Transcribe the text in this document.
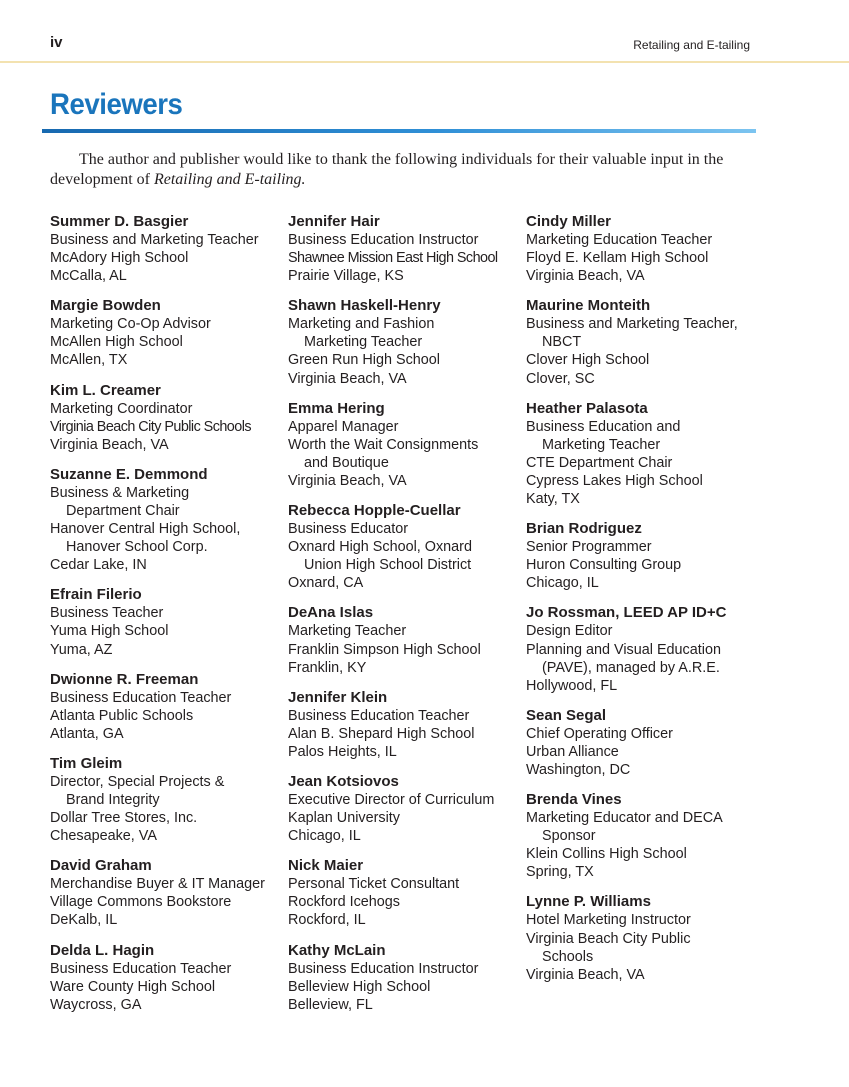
iv	Retailing and E-tailing
Reviewers

The author and publisher would like to thank the following individuals for their valuable input in the development of Retailing and E-tailing.

Summer D. Basgier
Business and Marketing Teacher
McAdory High School
McCalla, AL
Margie Bowden
Marketing Co-Op Advisor
McAllen High School
McAllen, TX
Kim L. Creamer
Marketing Coordinator
Virginia Beach City Public Schools
Virginia Beach, VA
Suzanne E. Demmond
Business & Marketing
Department Chair
Hanover Central High School,
Hanover School Corp.
Cedar Lake, IN
Efrain Filerio
Business Teacher
Yuma High School
Yuma, AZ
Dwionne R. Freeman
Business Education Teacher
Atlanta Public Schools
Atlanta, GA
Tim Gleim
Director, Special Projects &
Brand Integrity
Dollar Tree Stores, Inc.
Chesapeake, VA
David Graham
Merchandise Buyer & IT Manager
Village Commons Bookstore
DeKalb, IL
Delda L. Hagin
Business Education Teacher
Ware County High School
Waycross, GA
Jennifer Hair
Business Education Instructor
Shawnee Mission East High School
Prairie Village, KS
Shawn Haskell-Henry
Marketing and Fashion
Marketing Teacher
Green Run High School
Virginia Beach, VA
Emma Hering
Apparel Manager
Worth the Wait Consignments
and Boutique
Virginia Beach, VA
Rebecca Hopple-Cuellar
Business Educator
Oxnard High School, Oxnard
Union High School District
Oxnard, CA
DeAna Islas
Marketing Teacher
Franklin Simpson High School
Franklin, KY
Jennifer Klein
Business Education Teacher
Alan B. Shepard High School
Palos Heights, IL
Jean Kotsiovos
Executive Director of Curriculum
Kaplan University
Chicago, IL
Nick Maier
Personal Ticket Consultant
Rockford Icehogs
Rockford, IL
Kathy McLain
Business Education Instructor
Belleview High School
Belleview, FL
Cindy Miller
Marketing Education Teacher
Floyd E. Kellam High School
Virginia Beach, VA
Maurine Monteith
Business and Marketing Teacher,
NBCT
Clover High School
Clover, SC
Heather Palasota
Business Education and
Marketing Teacher
CTE Department Chair
Cypress Lakes High School
Katy, TX
Brian Rodriguez
Senior Programmer
Huron Consulting Group
Chicago, IL
Jo Rossman, LEED AP ID+C
Design Editor
Planning and Visual Education
(PAVE), managed by A.R.E.
Hollywood, FL
Sean Segal
Chief Operating Officer
Urban Alliance
Washington, DC
Brenda Vines
Marketing Educator and DECA
Sponsor
Klein Collins High School
Spring, TX
Lynne P. Williams
Hotel Marketing Instructor
Virginia Beach City Public
Schools
Virginia Beach, VA
